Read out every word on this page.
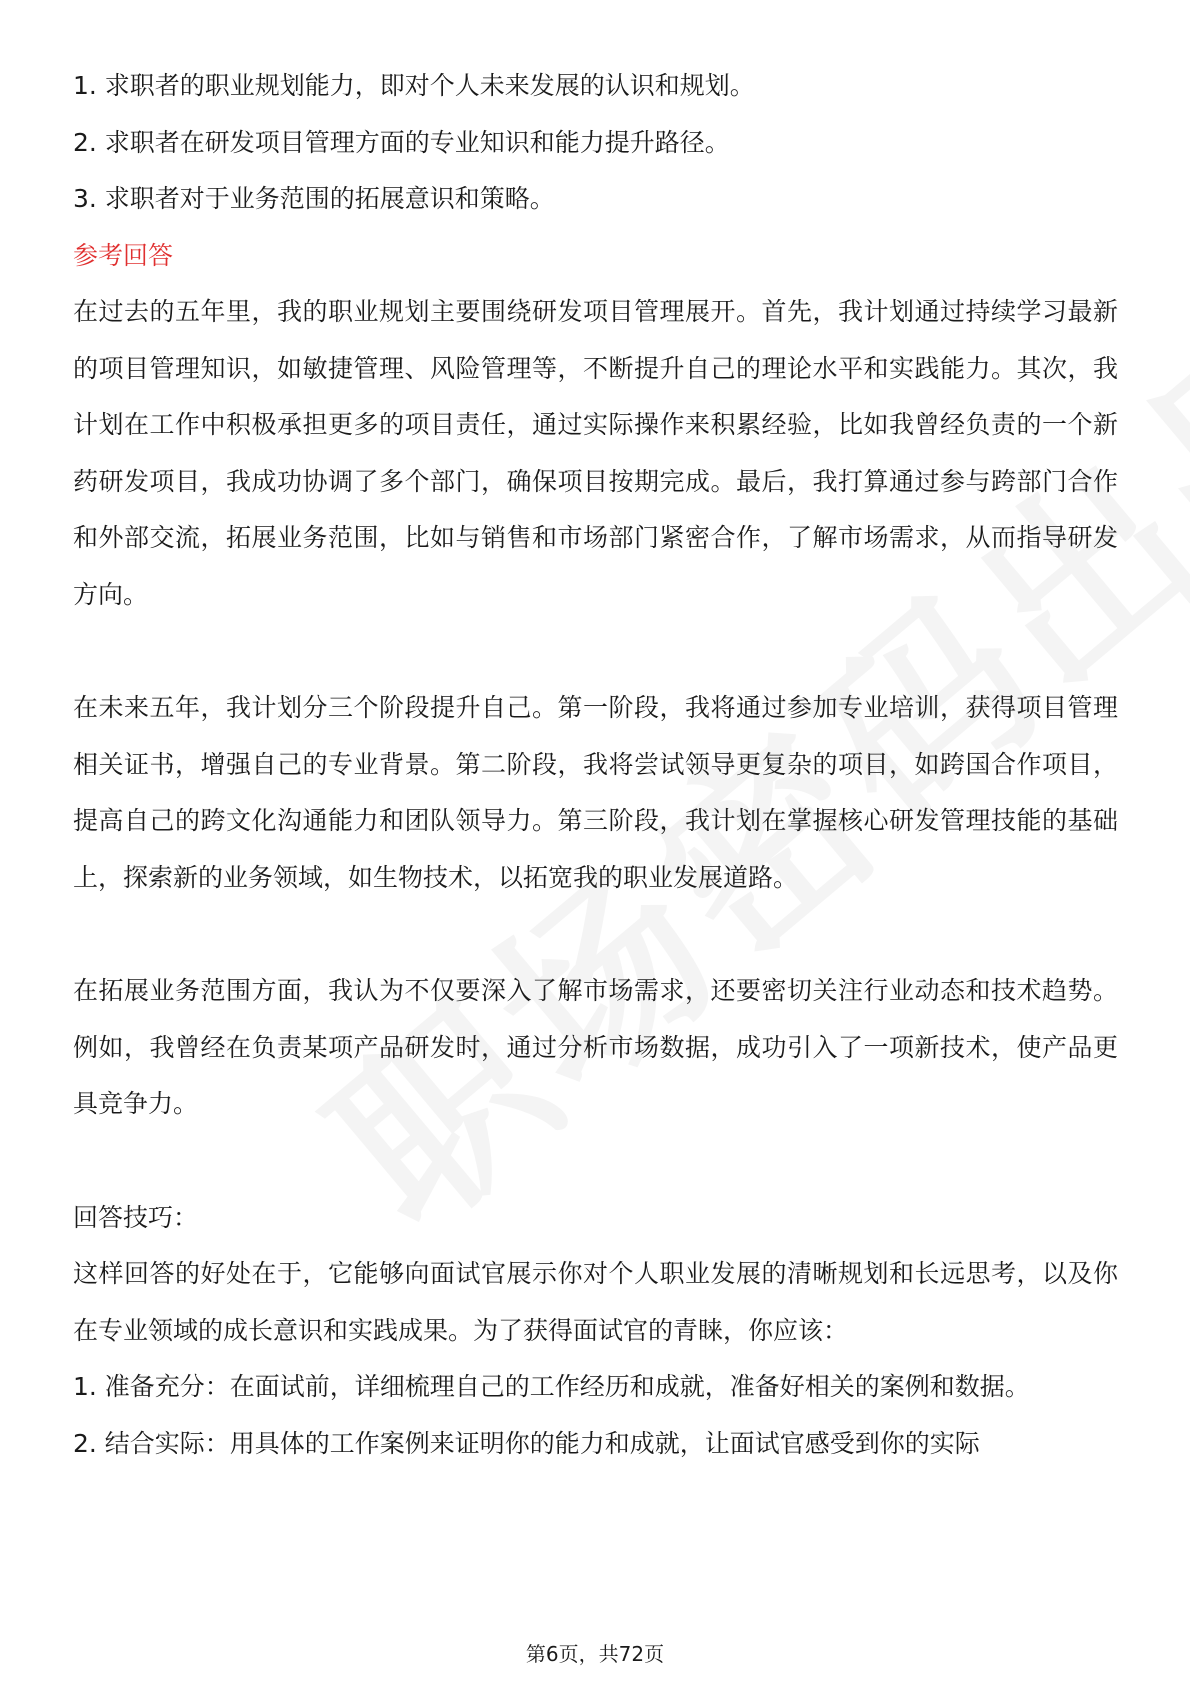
1. 求职者的职业规划能力，即对个人未来发展的认识和规划。

2. 求职者在研发项目管理方面的专业知识和能力提升路径。

3. 求职者对于业务范围的拓展意识和策略。

参考回答

在过去的五年里，我的职业规划主要围绕研发项目管理展开。首先，我计划通过持续学习最新的项目管理知识，如敏捷管理、风险管理等，不断提升自己的理论水平和实践能力。其次，我计划在工作中积极承担更多的项目责任，通过实际操作来积累经验，比如我曾经负责的一个新药研发项目，我成功协调了多个部门，确保项目按期完成。最后，我打算通过参与跨部门合作和外部交流，拓展业务范围，比如与销售和市场部门紧密合作，了解市场需求，从而指导研发方向。

在未来五年，我计划分三个阶段提升自己。第一阶段，我将通过参加专业培训，获得项目管理相关证书，增强自己的专业背景。第二阶段，我将尝试领导更复杂的项目，如跨国合作项目，提高自己的跨文化沟通能力和团队领导力。第三阶段，我计划在掌握核心研发管理技能的基础上，探索新的业务领域，如生物技术，以拓宽我的职业发展道路。

在拓展业务范围方面，我认为不仅要深入了解市场需求，还要密切关注行业动态和技术趋势。例如，我曾经在负责某项产品研发时，通过分析市场数据，成功引入了一项新技术，使产品更具竞争力。

回答技巧：

这样回答的好处在于，它能够向面试官展示你对个人职业发展的清晰规划和长远思考，以及你在专业领域的成长意识和实践成果。为了获得面试官的青睐，你应该：

1. 准备充分：在面试前，详细梳理自己的工作经历和成就，准备好相关的案例和数据。

2. 结合实际：用具体的工作案例来证明你的能力和成就，让面试官感受到你的实际

第6页，共72页
